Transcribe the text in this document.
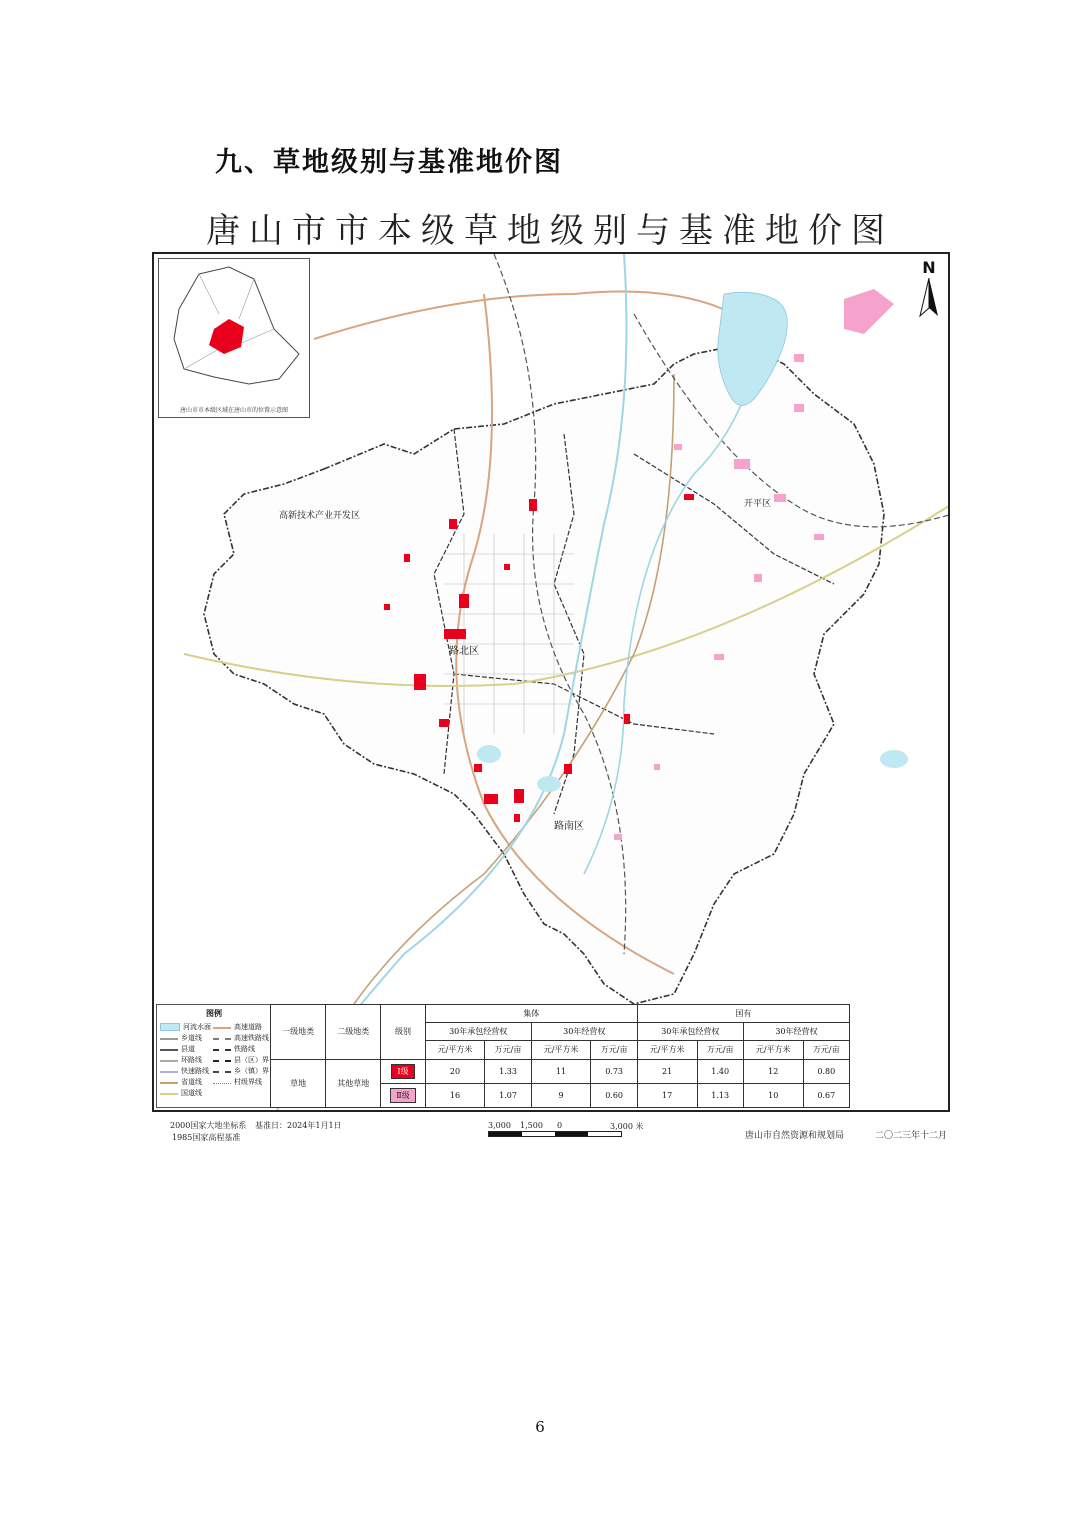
九、草地级别与基准地价图
唐山市市本级草地级别与基准地价图
高新技术产业开发区
路北区
路南区
开平区
唐山市市本级区域在唐山市的位置示意图
N
图例
河流水面	高速道路
乡道线	高速铁路线
县道	铁路线
环路线	县（区）界
快速路线	乡（镇）界
省道线	村级界线
国道线
一级地类	二级地类	级别	集体				国有			
			30年承包经营权		30年经营权		30年承包经营权		30年经营权	
			元/平方米	万元/亩	元/平方米	万元/亩	元/平方米	万元/亩	元/平方米	万元/亩
草地	其他草地	Ⅰ级	20	1.33	11	0.73	21	1.40	12	0.80
		Ⅱ级	16	1.07	9	0.60	17	1.13	10	0.67
2000国家大地坐标系 基准日：2024年1月1日
1985国家高程基准
3,000 1,500 0	3,000 米
唐山市自然资源和规划局	二〇二三年十二月
6
